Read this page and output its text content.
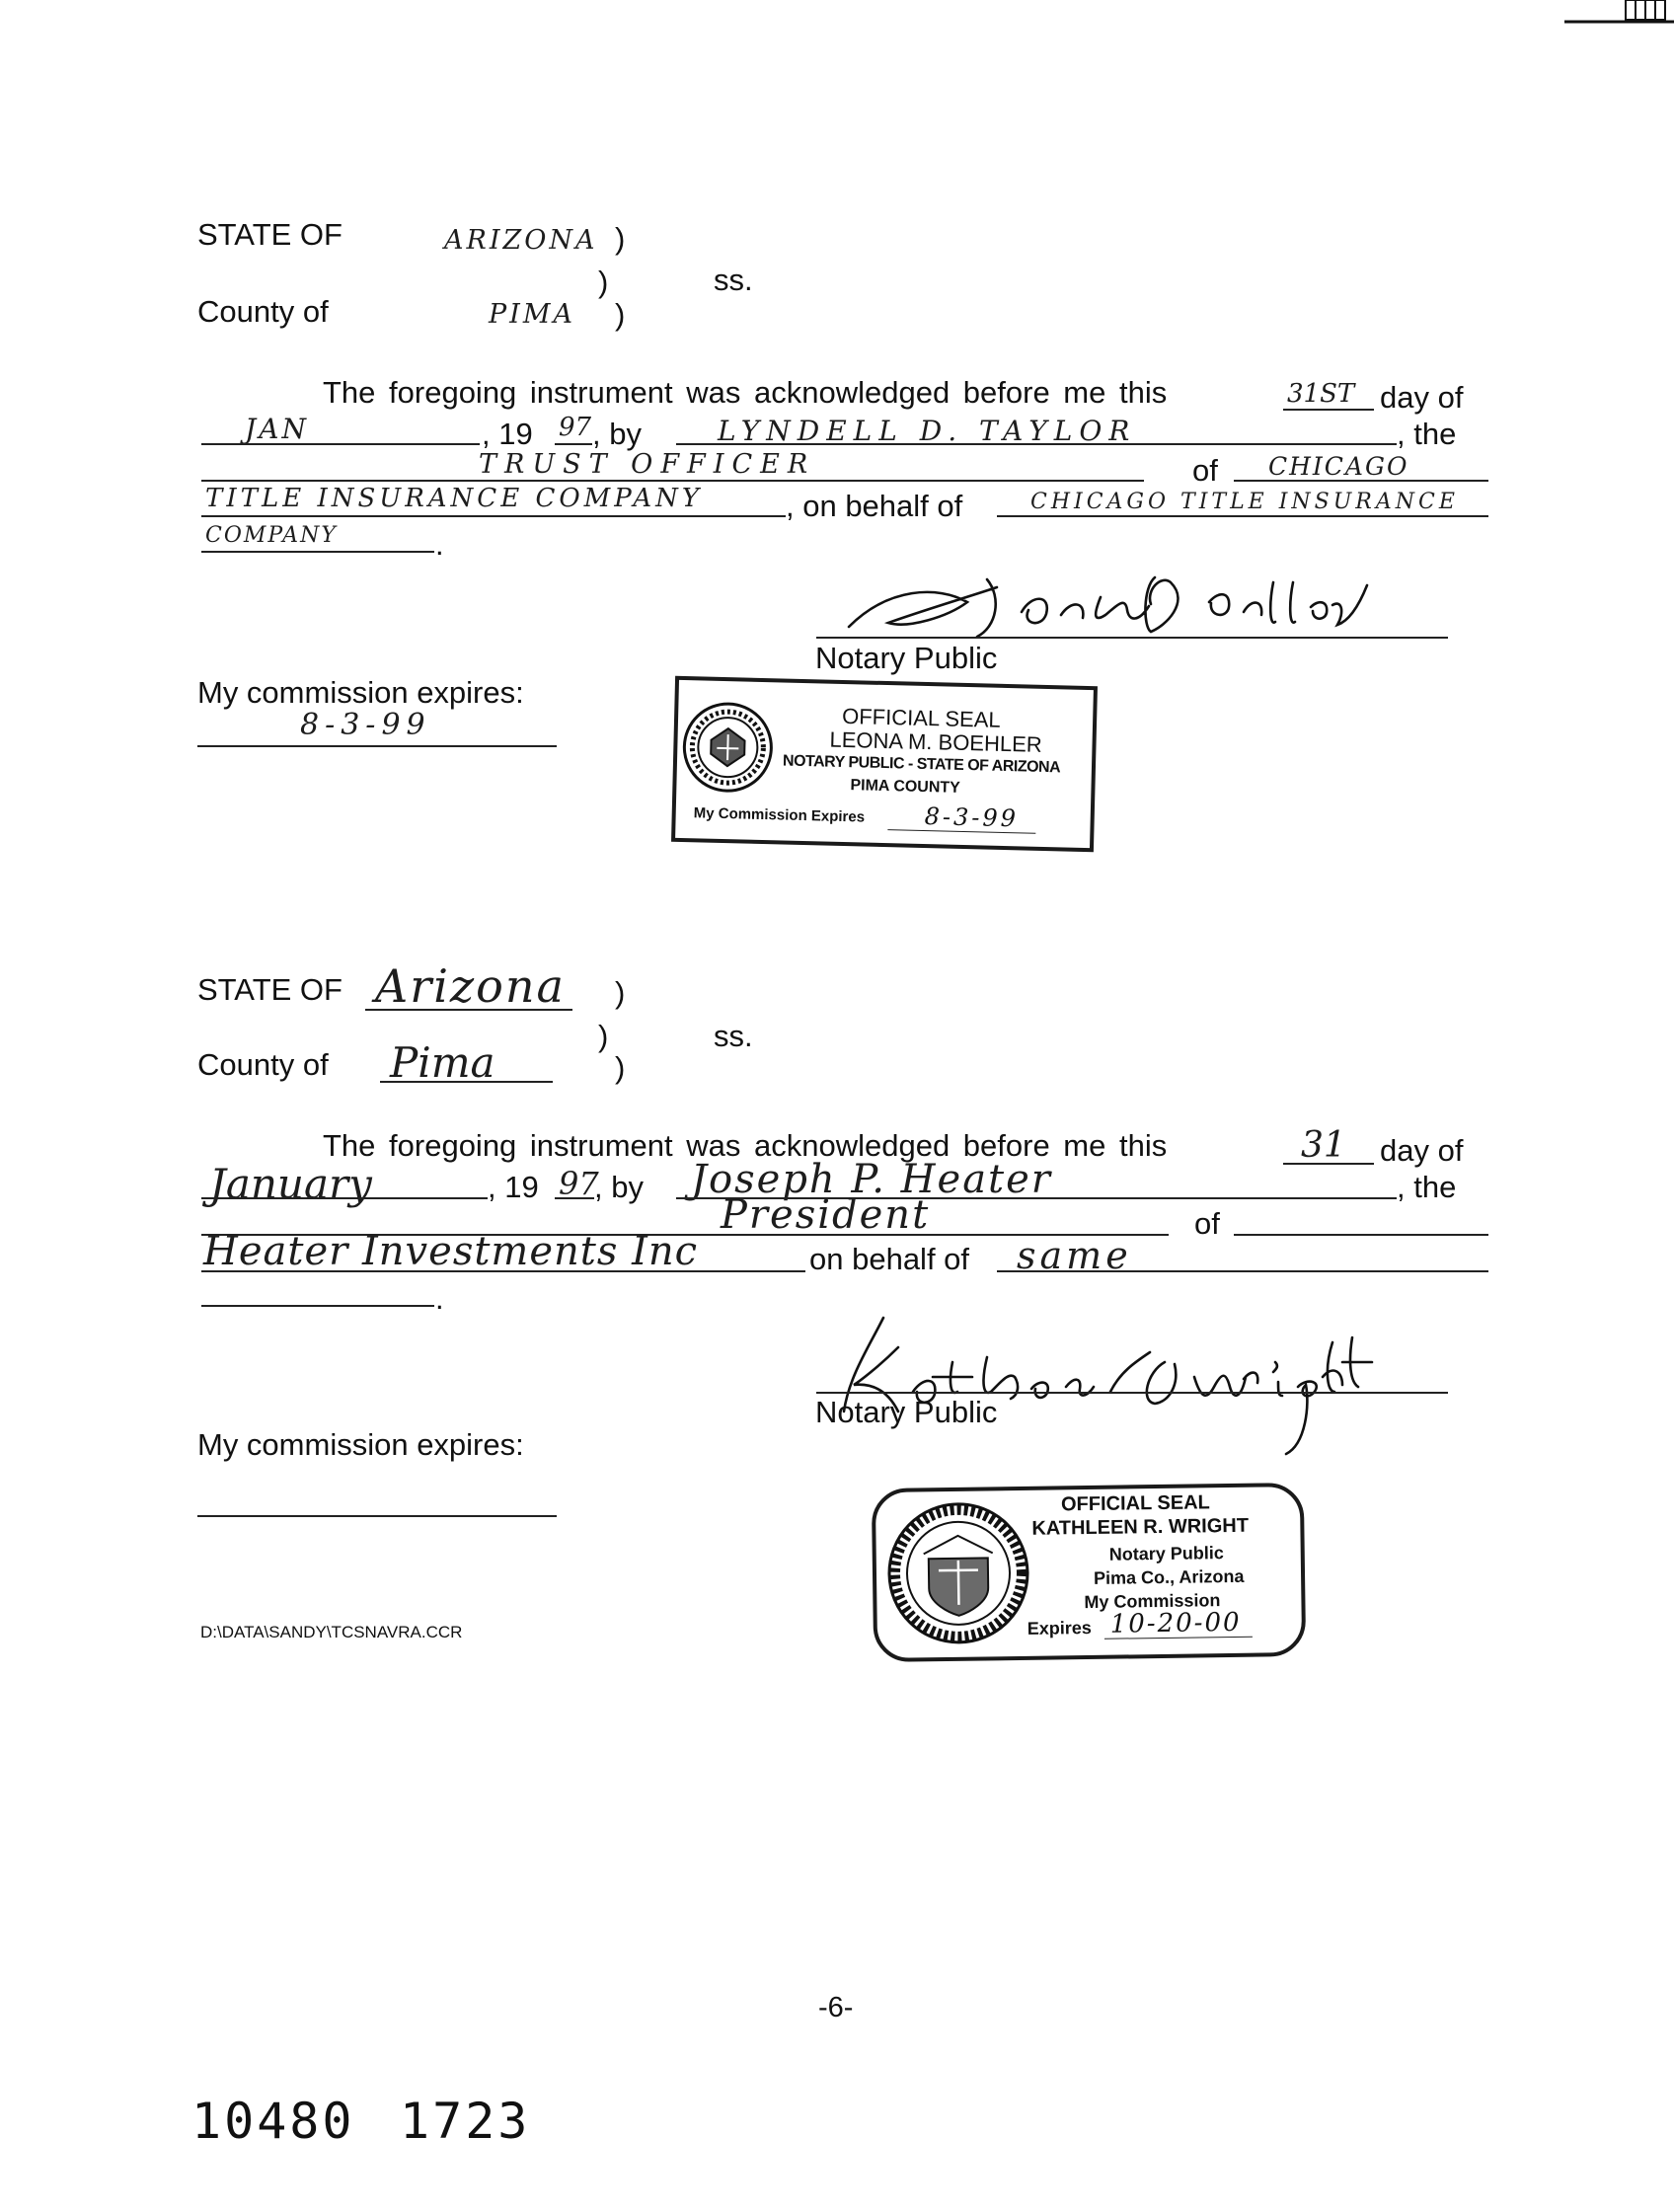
STATE OF	ARIZONA )
)	ss.
County of	PIMA )
The foregoing instrument was acknowledged before me this	31ST day of
JAN	, 19 97 , by	LYNDELL D. TAYLOR	, the
TRUST OFFICER	of CHICAGO
TITLE INSURANCE COMPANY	, on behalf of	CHICAGO TITLE INSURANCE
COMPANY	.
Notary Public
My commission expires:
8-3-99	OFFICIAL SEAL
LEONA M. BOEHLER
NOTARY PUBLIC - STATE OF ARIZONA
PIMA COUNTY
My Commission Expires	8-3-99
STATE OF Arizona )
)	ss.
County of Pima	)
The foregoing instrument was acknowledged before me this	31 day of
January	, 19 97
, by Joseph P. Heater	, the
President	of
Heater Investments Inc	on behalf of same
.
Notary Public
My commission expires:
OFFICIAL SEAL
KATHLEEN R. WRIGHT
Notary Public
Pima Co., Arizona
My Commission
Expires 10-20-00
D:\DATA\SANDY\TCSNAVRA.CCR
-6-
10480 1723
